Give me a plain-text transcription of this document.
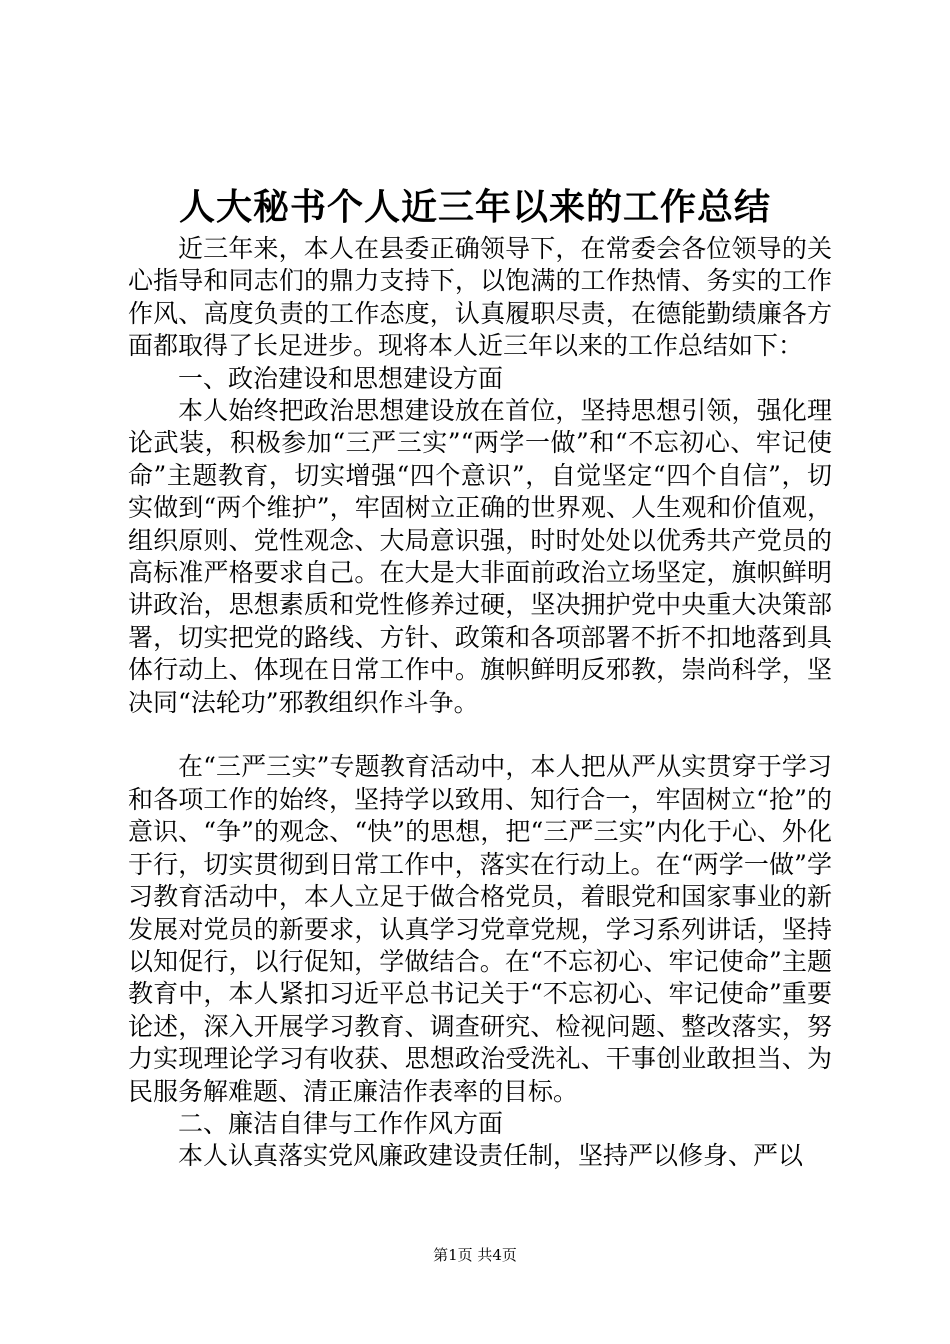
人大秘书个人近三年以来的工作总结

近三年来，本人在县委正确领导下，在常委会各位领导的关心指导和同志们的鼎力支持下，以饱满的工作热情、务实的工作作风、高度负责的工作态度，认真履职尽责，在德能勤绩廉各方面都取得了长足进步。现将本人近三年以来的工作总结如下：

一、政治建设和思想建设方面

本人始终把政治思想建设放在首位，坚持思想引领，强化理论武装，积极参加“三严三实”“两学一做”和“不忘初心、牢记使命”主题教育，切实增强“四个意识”，自觉坚定“四个自信”，切实做到“两个维护”，牢固树立正确的世界观、人生观和价值观，组织原则、党性观念、大局意识强，时时处处以优秀共产党员的高标准严格要求自己。在大是大非面前政治立场坚定，旗帜鲜明讲政治，思想素质和党性修养过硬，坚决拥护党中央重大决策部署，切实把党的路线、方针、政策和各项部署不折不扣地落到具体行动上、体现在日常工作中。旗帜鲜明反邪教，崇尚科学，坚决同“法轮功”邪教组织作斗争。

在“三严三实”专题教育活动中，本人把从严从实贯穿于学习和各项工作的始终，坚持学以致用、知行合一，牢固树立“抢”的意识、“争”的观念、“快”的思想，把“三严三实”内化于心、外化于行，切实贯彻到日常工作中，落实在行动上。在“两学一做”学习教育活动中，本人立足于做合格党员，着眼党和国家事业的新发展对党员的新要求，认真学习党章党规，学习系列讲话，坚持以知促行，以行促知，学做结合。在“不忘初心、牢记使命”主题教育中，本人紧扣习近平总书记关于“不忘初心、牢记使命”重要论述，深入开展学习教育、调查研究、检视问题、整改落实，努力实现理论学习有收获、思想政治受洗礼、干事创业敢担当、为民服务解难题、清正廉洁作表率的目标。

二、廉洁自律与工作作风方面

本人认真落实党风廉政建设责任制，坚持严以修身、严以

第1页 共4页
